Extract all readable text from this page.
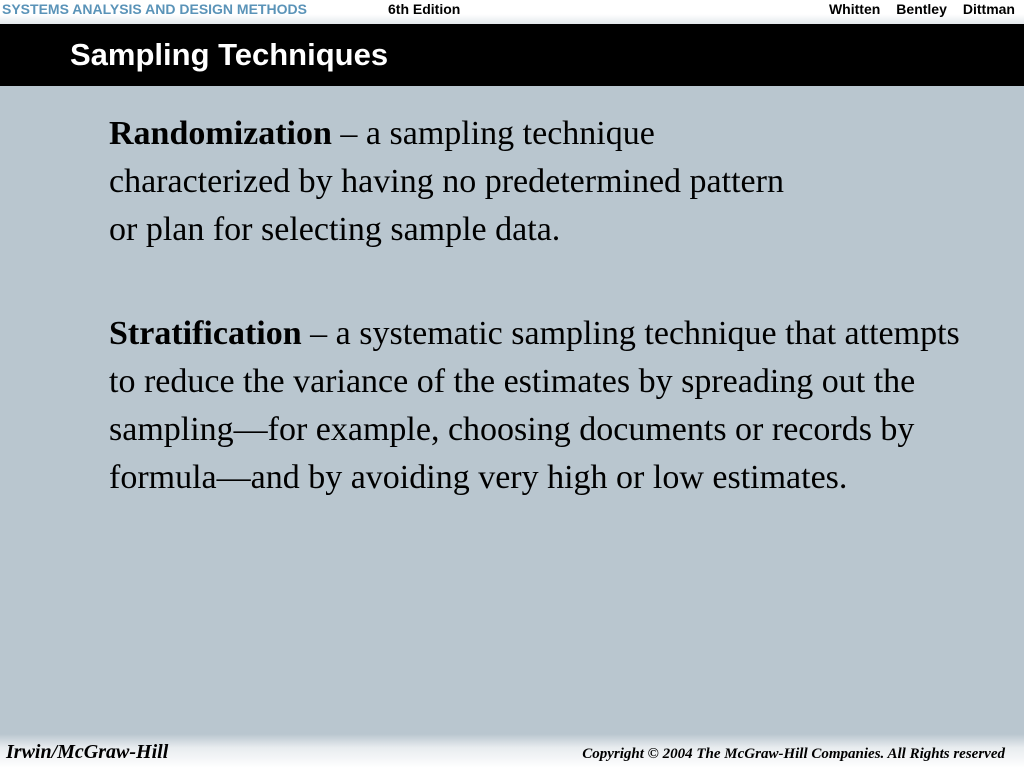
SYSTEMS ANALYSIS AND DESIGN METHODS	6th Edition	Whitten Bentley Dittman
Sampling Techniques
Randomization – a sampling technique characterized by having no predetermined pattern or plan for selecting sample data.
Stratification – a systematic sampling technique that attempts to reduce the variance of the estimates by spreading out the sampling—for example, choosing documents or records by formula—and by avoiding very high or low estimates.
Irwin/McGraw-Hill	Copyright © 2004 The McGraw-Hill Companies. All Rights reserved
